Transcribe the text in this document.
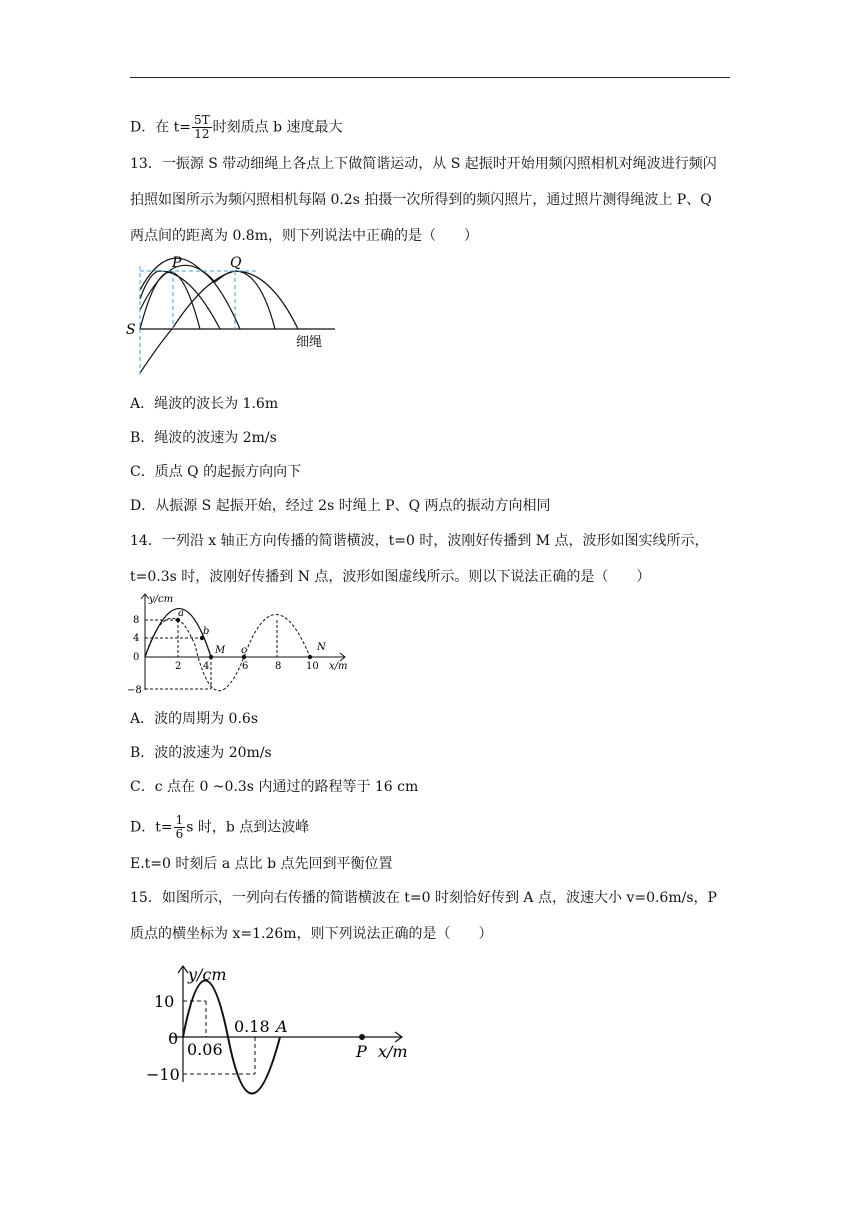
D．在 $t= \frac{5T}{12}$ 时刻质点 b 速度最大
13．一振源 S 带动细绳上各点上下做简谐运动，从 S 起振时开始用频闪照相机对绳波进行频闪拍照如图所示为频闪照相机每隔 0.2s 拍摄一次所得到的频闪照片，通过照片测得绳波上 P、Q 两点间的距离为 0.8m，则下列说法中正确的是（　　）
P	Q
S
细绳
A．绳波的波长为 1.6m
B．绳波的波速为 2m/s
C．质点 Q 的起振方向向下
D．从振源 S 起振开始，经过 2s 时绳上 P、Q 两点的振动方向相同
14．一列沿 x 轴正方向传播的简谐横波，t=0 时，波刚好传播到 M 点，波形如图实线所示，t=0.3s 时，波刚好传播到 N 点，波形如图虚线所示。则以下说法正确的是（　　）
y/cm
x/m
8
4
0
−8
2 4	6	8 10
a
b
M c	N
A．波的周期为 0.6s
B．波的波速为 20m/s
C．c 点在 0 ~0.3s 内通过的路程等于 16 cm
D．$t= \frac{1}{6}$ s 时，b 点到达波峰
E.t=0 时刻后 a 点比 b 点先回到平衡位置
15．如图所示，一列向右传播的简谐横波在 t=0 时刻恰好传到 A 点，波速大小 v=0.6m/s，P 质点的横坐标为 x=1.26m，则下列说法正确的是（　　）
y/cm
10
0
−10
0.06
0.18 A
P x/m
